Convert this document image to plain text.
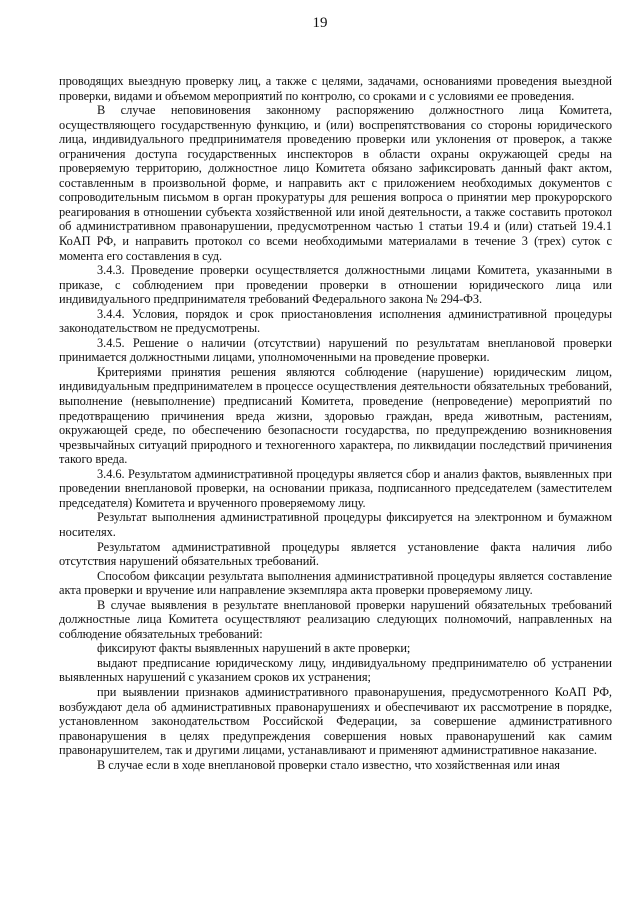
19

проводящих выездную проверку лиц, а также с целями, задачами, основаниями проведения выездной проверки, видами и объемом мероприятий по контролю, со сроками и с условиями ее проведения.

В случае неповиновения законному распоряжению должностного лица Комитета, осуществляющего государственную функцию, и (или) воспрепятствования со стороны юридического лица, индивидуального предпринимателя проведению проверки или уклонения от проверок, а также ограничения доступа государственных инспекторов в области охраны окружающей среды на проверяемую территорию, должностное лицо Комитета обязано зафиксировать данный факт актом, составленным в произвольной форме, и направить акт с приложением необходимых документов с сопроводительным письмом в орган прокуратуры для решения вопроса о принятии мер прокурорского реагирования в отношении субъекта хозяйственной или иной деятельности, а также составить протокол об административном правонарушении, предусмотренном частью 1 статьи 19.4 и (или) статьей 19.4.1 КоАП РФ, и направить протокол со всеми необходимыми материалами в течение 3 (трех) суток с момента его составления в суд.

3.4.3. Проведение проверки осуществляется должностными лицами Комитета, указанными в приказе, с соблюдением при проведении проверки в отношении юридического лица или индивидуального предпринимателя требований Федерального закона № 294-ФЗ.

3.4.4. Условия, порядок и срок приостановления исполнения административной процедуры законодательством не предусмотрены.

3.4.5. Решение о наличии (отсутствии) нарушений по результатам внеплановой проверки принимается должностными лицами, уполномоченными на проведение проверки.

Критериями принятия решения являются соблюдение (нарушение) юридическим лицом, индивидуальным предпринимателем в процессе осуществления деятельности обязательных требований, выполнение (невыполнение) предписаний Комитета, проведение (непроведение) мероприятий по предотвращению причинения вреда жизни, здоровью граждан, вреда животным, растениям, окружающей среде, по обеспечению безопасности государства, по предупреждению возникновения чрезвычайных ситуаций природного и техногенного характера, по ликвидации последствий причинения такого вреда.

3.4.6. Результатом административной процедуры является сбор и анализ фактов, выявленных при проведении внеплановой проверки, на основании приказа, подписанного председателем (заместителем председателя) Комитета и врученного проверяемому лицу.

Результат выполнения административной процедуры фиксируется на электронном и бумажном носителях.

Результатом административной процедуры является установление факта наличия либо отсутствия нарушений обязательных требований.

Способом фиксации результата выполнения административной процедуры является составление акта проверки и вручение или направление экземпляра акта проверки проверяемому лицу.

В случае выявления в результате внеплановой проверки нарушений обязательных требований должностные лица Комитета осуществляют реализацию следующих полномочий, направленных на соблюдение обязательных требований:

фиксируют факты выявленных нарушений в акте проверки;

выдают предписание юридическому лицу, индивидуальному предпринимателю об устранении выявленных нарушений с указанием сроков их устранения;

при выявлении признаков административного правонарушения, предусмотренного КоАП РФ, возбуждают дела об административных правонарушениях и обеспечивают их рассмотрение в порядке, установленном законодательством Российской Федерации, за совершение административного правонарушения в целях предупреждения совершения новых правонарушений как самим правонарушителем, так и другими лицами, устанавливают и применяют административное наказание.

В случае если в ходе внеплановой проверки стало известно, что хозяйственная или иная
